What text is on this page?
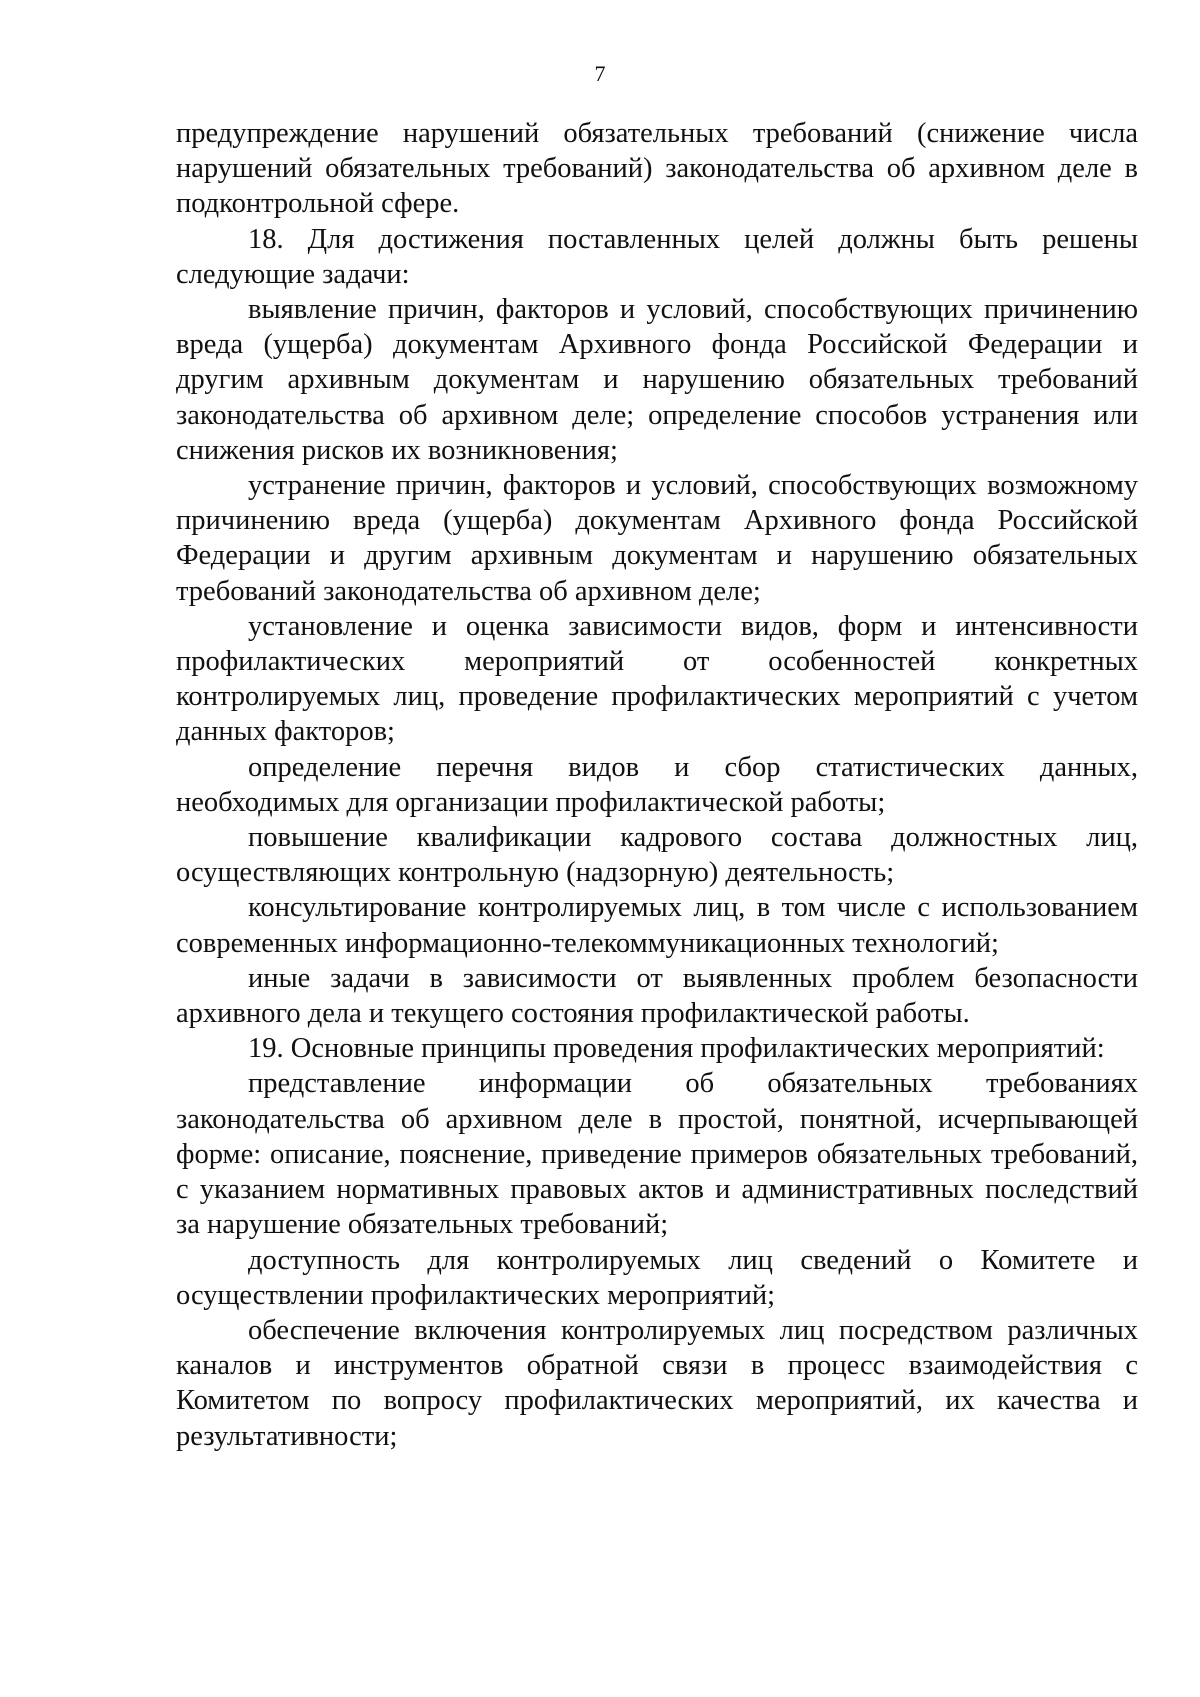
7

предупреждение нарушений обязательных требований (снижение числа нарушений обязательных требований) законодательства об архивном деле в подконтрольной сфере.

18. Для достижения поставленных целей должны быть решены следующие задачи:

выявление причин, факторов и условий, способствующих причинению вреда (ущерба) документам Архивного фонда Российской Федерации и другим архивным документам и нарушению обязательных требований законодательства об архивном деле; определение способов устранения или снижения рисков их возникновения;

устранение причин, факторов и условий, способствующих возможному причинению вреда (ущерба) документам Архивного фонда Российской Федерации и другим архивным документам и нарушению обязательных требований законодательства об архивном деле;

установление и оценка зависимости видов, форм и интенсивности профилактических мероприятий от особенностей конкретных контролируемых лиц, проведение профилактических мероприятий с учетом данных факторов;

определение перечня видов и сбор статистических данных, необходимых для организации профилактической работы;

повышение квалификации кадрового состава должностных лиц, осуществляющих контрольную (надзорную) деятельность;

консультирование контролируемых лиц, в том числе с использованием современных информационно-телекоммуникационных технологий;

иные задачи в зависимости от выявленных проблем безопасности архивного дела и текущего состояния профилактической работы.

19. Основные принципы проведения профилактических мероприятий:

представление информации об обязательных требованиях законодательства об архивном деле в простой, понятной, исчерпывающей форме: описание, пояснение, приведение примеров обязательных требований, с указанием нормативных правовых актов и административных последствий за нарушение обязательных требований;

доступность для контролируемых лиц сведений о Комитете и осуществлении профилактических мероприятий;

обеспечение включения контролируемых лиц посредством различных каналов и инструментов обратной связи в процесс взаимодействия с Комитетом по вопросу профилактических мероприятий, их качества и результативности;
